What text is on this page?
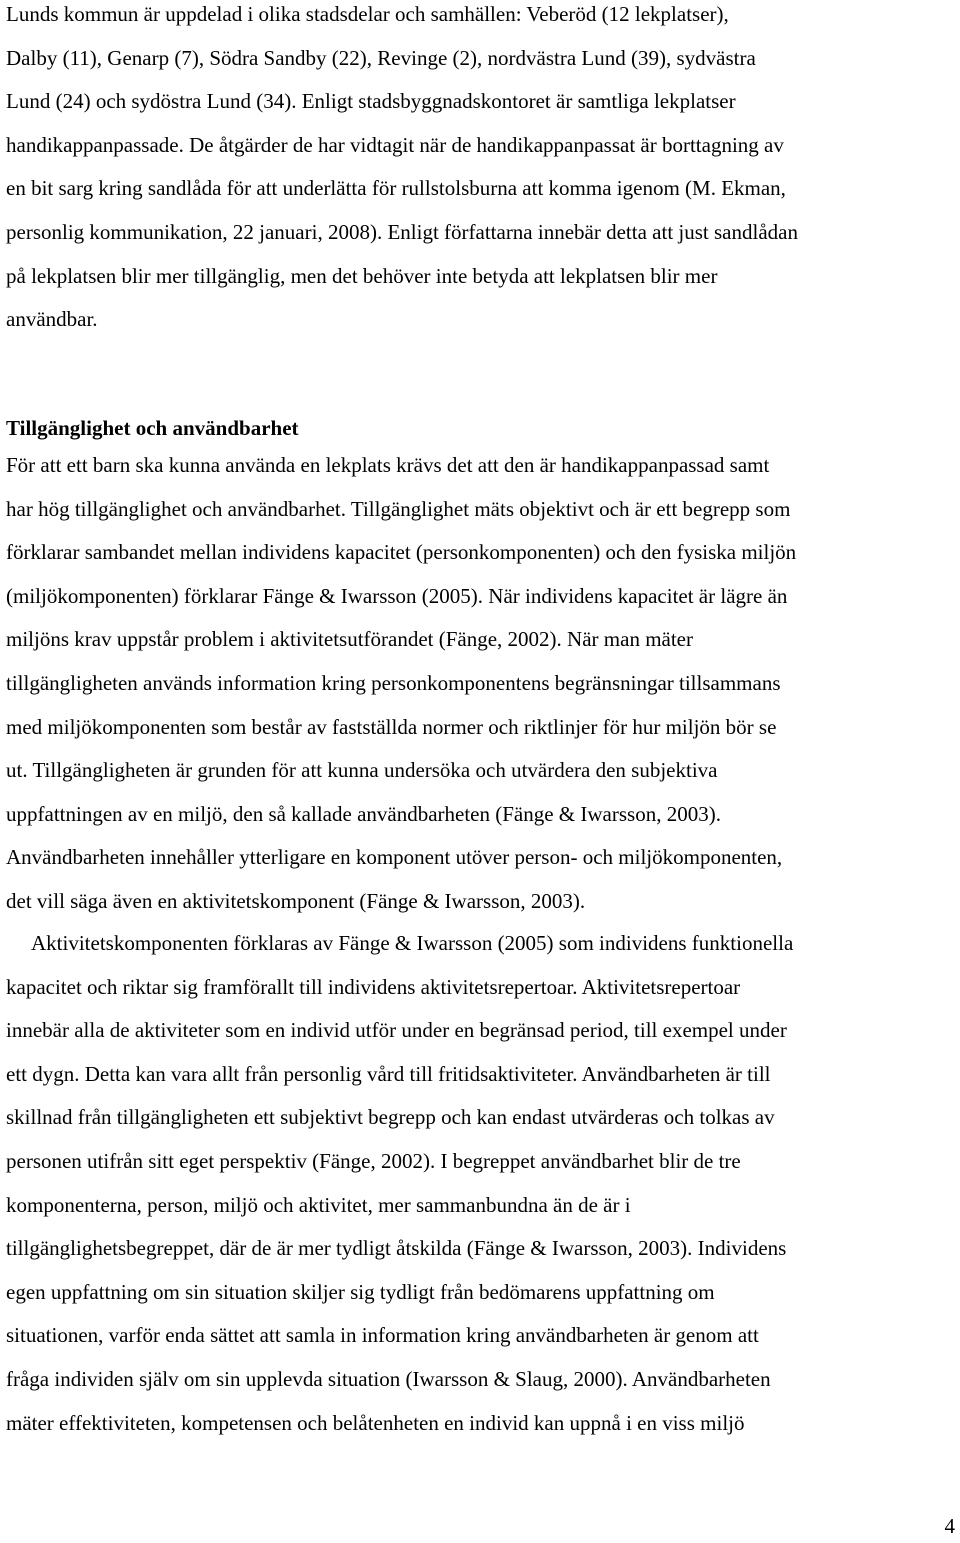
Lunds kommun är uppdelad i olika stadsdelar och samhällen: Veberöd (12 lekplatser),
Dalby (11), Genarp (7), Södra Sandby (22), Revinge (2), nordvästra Lund (39), sydvästra
Lund (24) och sydöstra Lund (34). Enligt stadsbyggnadskontoret är samtliga lekplatser
handikappanpassade. De åtgärder de har vidtagit när de handikappanpassat är borttagning av
en bit sarg kring sandlåda för att underlätta för rullstolsburna att komma igenom (M. Ekman,
personlig kommunikation, 22 januari, 2008). Enligt författarna innebär detta att just sandlådan
på lekplatsen blir mer tillgänglig, men det behöver inte betyda att lekplatsen blir mer
användbar.
Tillgänglighet och användbarhet
För att ett barn ska kunna använda en lekplats krävs det att den är handikappanpassad samt
har hög tillgänglighet och användbarhet. Tillgänglighet mäts objektivt och är ett begrepp som
förklarar sambandet mellan individens kapacitet (personkomponenten) och den fysiska miljön
(miljökomponenten) förklarar Fänge & Iwarsson (2005). När individens kapacitet är lägre än
miljöns krav uppstår problem i aktivitetsutförandet (Fänge, 2002). När man mäter
tillgängligheten används information kring personkomponentens begränsningar tillsammans
med miljökomponenten som består av fastställda normer och riktlinjer för hur miljön bör se
ut. Tillgängligheten är grunden för att kunna undersöka och utvärdera den subjektiva
uppfattningen av en miljö, den så kallade användbarheten (Fänge & Iwarsson, 2003).
Användbarheten innehåller ytterligare en komponent utöver person- och miljökomponenten,
det vill säga även en aktivitetskomponent (Fänge & Iwarsson, 2003).
Aktivitetskomponenten förklaras av Fänge & Iwarsson (2005) som individens funktionella
kapacitet och riktar sig framförallt till individens aktivitetsrepertoar. Aktivitetsrepertoar
innebär alla de aktiviteter som en individ utför under en begränsad period, till exempel under
ett dygn. Detta kan vara allt från personlig vård till fritidsaktiviteter. Användbarheten är till
skillnad från tillgängligheten ett subjektivt begrepp och kan endast utvärderas och tolkas av
personen utifrån sitt eget perspektiv (Fänge, 2002). I begreppet användbarhet blir de tre
komponenterna, person, miljö och aktivitet, mer sammanbundna än de är i
tillgänglighetsbegreppet, där de är mer tydligt åtskilda (Fänge & Iwarsson, 2003). Individens
egen uppfattning om sin situation skiljer sig tydligt från bedömarens uppfattning om
situationen, varför enda sättet att samla in information kring användbarheten är genom att
fråga individen själv om sin upplevda situation (Iwarsson & Slaug, 2000). Användbarheten
mäter effektiviteten, kompetensen och belåtenheten en individ kan uppnå i en viss miljö
4
